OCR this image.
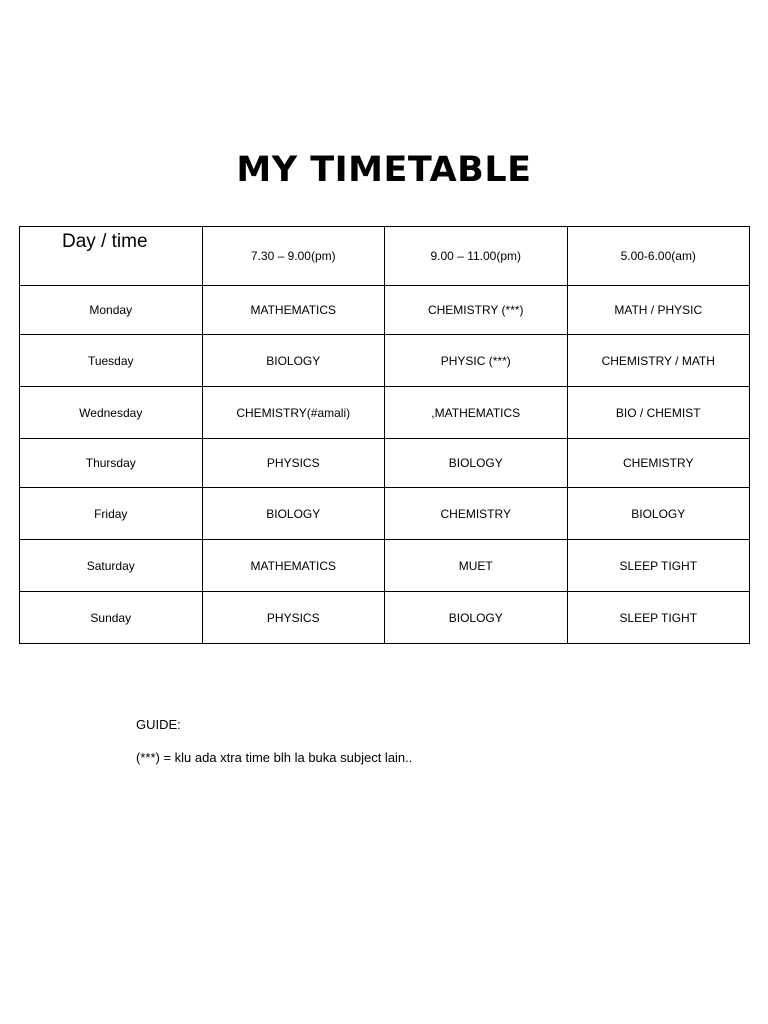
MY TIMETABLE
Day / time	7.30 – 9.00(pm)	9.00 – 11.00(pm)	5.00-6.00(am)
Monday	MATHEMATICS	CHEMISTRY (***)	MATH / PHYSIC
Tuesday	BIOLOGY	PHYSIC (***)	CHEMISTRY / MATH
Wednesday	CHEMISTRY(#amali)	,MATHEMATICS	BIO / CHEMIST
Thursday	PHYSICS	BIOLOGY	CHEMISTRY
Friday	BIOLOGY	CHEMISTRY	BIOLOGY
Saturday	MATHEMATICS	MUET	SLEEP TIGHT
Sunday	PHYSICS	BIOLOGY	SLEEP TIGHT

GUIDE:

(***) = klu ada xtra time blh la buka subject lain..
